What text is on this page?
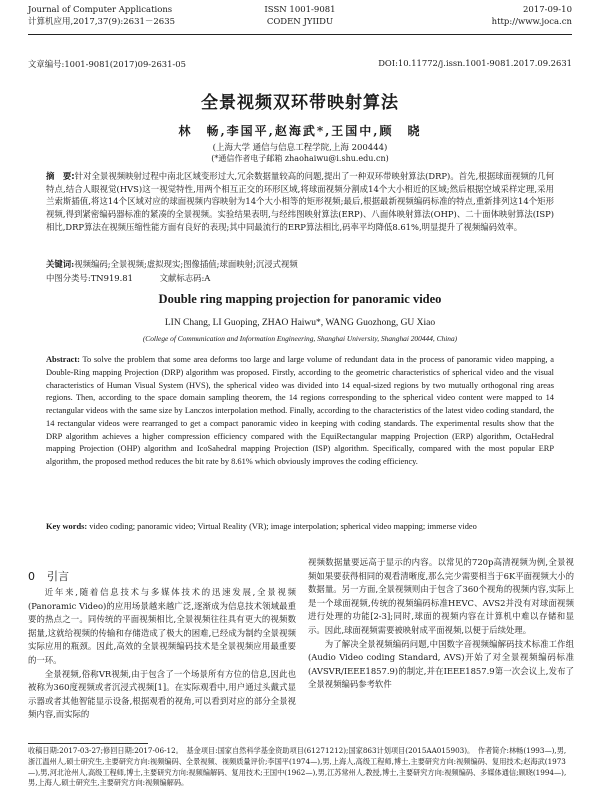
Journal of Computer Applications
计算机应用,2017,37(9):2631－2635
ISSN 1001-9081
CODEN JYIIDU
2017-09-10
http://www.joca.cn
文章编号:1001-9081(2017)09-2631-05	DOI:10.11772/j.issn.1001-9081.2017.09.2631
全景视频双环带映射算法
林　畅,李国平,赵海武*,王国中,顾　晓
(上海大学 通信与信息工程学院,上海 200444)
(*通信作者电子邮箱 zhaohaiwu@i.shu.edu.cn)
摘　要:针对全景视频映射过程中南北区域变形过大,冗余数据量较高的问题,提出了一种双环带映射算法(DRP)。首先,根据球面视频的几何特点,结合人眼视觉(HVS)这一视觉特性,用两个相互正交的环形区域,将球面视频分割成14个大小相近的区域;然后根据空域采样定理,采用兰索斯插值,将这14个区域对应的球面视频内容映射为14个大小相等的矩形视频;最后,根据最新视频编码标准的特点,重新排列这14个矩形视频,得到紧密编码器标准的紧凑的全景视频。实验结果表明,与经纬图映射算法(ERP)、八面体映射算法(OHP)、二十面体映射算法(ISP)相比,DRP算法在视频压缩性能方面有良好的表现;其中同最流行的ERP算法相比,码率平均降低8.61%,明显提升了视频编码效率。
关键词:视频编码;全景视频;虚拟现实;图像插值;球面映射;沉浸式视频
中图分类号:TN919.81	文献标志码:A
Double ring mapping projection for panoramic video
LIN Chang, LI Guoping, ZHAO Haiwu*, WANG Guozhong, GU Xiao
(College of Communication and Information Engineering, Shanghai University, Shanghai 200444, China)
Abstract: To solve the problem that some area deforms too large and large volume of redundant data in the process of panoramic video mapping, a Double-Ring mapping Projection (DRP) algorithm was proposed. Firstly, according to the geometric characteristics of spherical video and the visual characteristics of Human Visual System (HVS), the spherical video was divided into 14 equal-sized regions by two mutually orthogonal ring areas regions. Then, according to the space domain sampling theorem, the 14 regions corresponding to the spherical video content were mapped to 14 rectangular videos with the same size by Lanczos interpolation method. Finally, according to the characteristics of the latest video coding standard, the 14 rectangular videos were rearranged to get a compact panoramic video in keeping with coding standards. The experimental results show that the DRP algorithm achieves a higher compression efficiency compared with the EquiRectangular mapping Projection (ERP) algorithm, OctaHedral mapping Projection (OHP) algorithm and IcoSahedral mapping Projection (ISP) algorithm. Specifically, compared with the most popular ERP algorithm, the proposed method reduces the bit rate by 8.61% which obviously improves the coding efficiency.
Key words: video coding; panoramic video; Virtual Reality (VR); image interpolation; spherical video mapping; immerse video
0 引言

近年来,随着信息技术与多媒体技术的迅速发展,全景视频(Panoramic Video)的应用场景越来越广泛,逐渐成为信息技术领域最重要的热点之一。同传统的平面视频相比,全景视频往往具有更大的视频数据量,这就给视频的传输和存储造成了极大的困难,已经成为制约全景视频实际应用的瓶颈。因此,高效的全景视频编码技术是全景视频应用最重要的一环。

全景视频,俗称VR视频,由于包含了一个场景所有方位的信息,因此也被称为360度视频或者沉浸式视频[1]。在实际观看中,用户通过头戴式显示器或者其他智能显示设备,根据观看的视角,可以看到对应的部分全景视频内容,而实际的

视频数据量要远高于显示的内容。以常见的720p高清视频为例,全景视频如果要获得相同的观看清晰度,那么完少需要相当于6K平面视频大小的数据量。另一方面,全景视频则由于包含了360个视角的视频内容,实际上是一个球面视频,传统的视频编码标准HEVC、AVS2并没有对球面视频进行处理的功能[2-3];同时,球面的视频内容在计算机中难以存储和显示。因此,球面视频需要被映射成平面视频,以便于后续处理。

为了解决全景视频编码问题,中国数字音视频编解码技术标准工作组(Audio Video coding Standard, AVS)开始了对全景视频编码标准(AVSVR/IEEE1857.9)的制定,并在IEEE1857.9第一次会议上,发布了全景视频编码参考软件

收稿日期:2017-03-27;修回日期:2017-06-12。　基金项目:国家自然科学基金资助项目(61271212);国家863计划项目(2015AA015903)。　作者简介:林畅(1993—),男,浙江温州人,硕士研究生,主要研究方向:视频编码、全景视频、视频质量评价;李国平(1974—),男,上海人,高级工程师,博士,主要研究方向:视频编码、复用技术;赵海武(1973—),男,河北沧州人,高级工程师,博士,主要研究方向:视频编解码、复用技术;王国中(1962—),男,江苏常州人,教授,博士,主要研究方向:视频编码、多媒体通信;顾晓(1994—),男,上海人,硕士研究生,主要研究方向:视频编解码。
